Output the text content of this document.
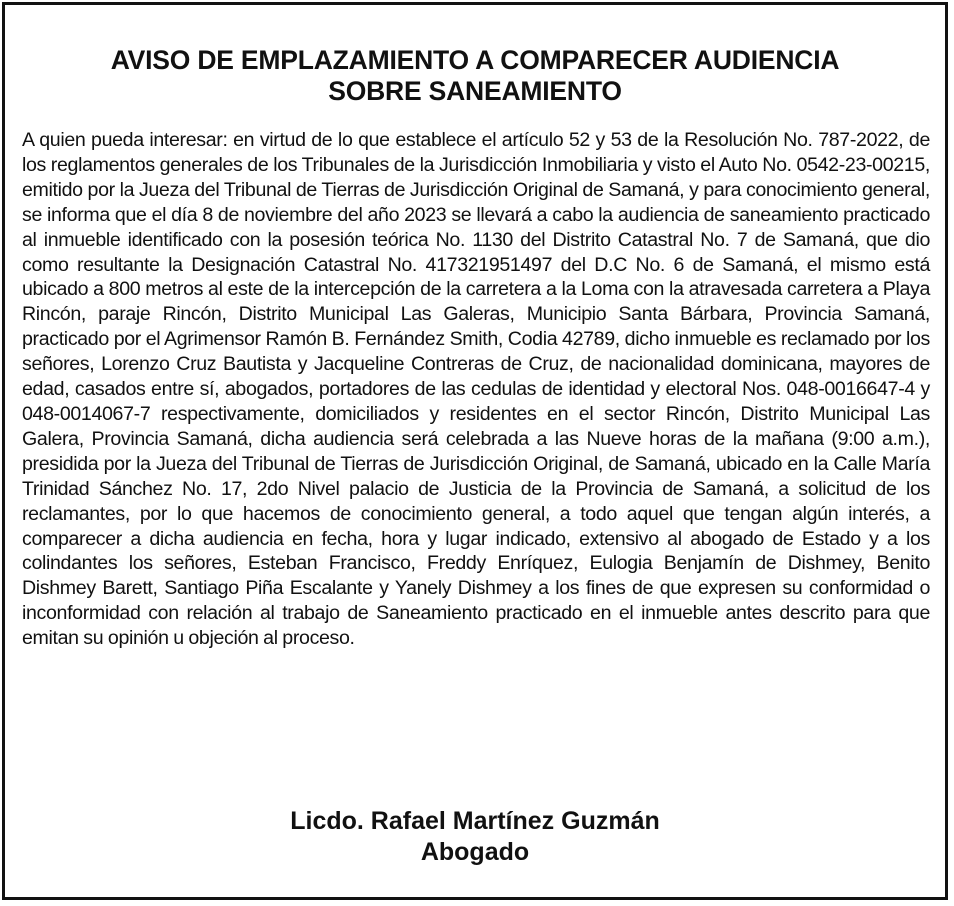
AVISO DE EMPLAZAMIENTO A COMPARECER AUDIENCIA
SOBRE SANEAMIENTO

A quien pueda interesar: en virtud de lo que establece el artículo 52 y 53 de la Resolución No. 787-2022, de los reglamentos generales de los Tribunales de la Jurisdicción Inmobiliaria y visto el Auto No. 0542-23-00215, emitido por la Jueza del Tribunal de Tierras de Jurisdicción Original de Samaná, y para conocimiento general, se informa que el día 8 de noviembre del año 2023 se llevará a cabo la audiencia de saneamiento practicado al inmueble identificado con la posesión teórica No. 1130 del Distrito Catastral No. 7 de Samaná, que dio como resultante la Designación Catastral No. 417321951497 del D.C No. 6 de Samaná, el mismo está ubicado a 800 metros al este de la intercepción de la carretera a la Loma con la atravesada carretera a Playa Rincón, paraje Rincón, Distrito Municipal Las Galeras, Municipio Santa Bárbara, Provincia Samaná, practicado por el Agrimensor Ramón B. Fernández Smith, Codia 42789, dicho inmueble es reclamado por los señores, Lorenzo Cruz Bautista y Jacqueline Contreras de Cruz, de nacionalidad dominicana, mayores de edad, casados entre sí, abogados, portadores de las cedulas de identidad y electoral Nos. 048-0016647-4 y 048-0014067-7 respectivamente, domiciliados y residentes en el sector Rincón, Distrito Municipal Las Galera, Provincia Samaná, dicha audiencia será celebrada a las Nueve horas de la mañana (9:00 a.m.), presidida por la Jueza del Tribunal de Tierras de Jurisdicción Original, de Samaná, ubicado en la Calle María Trinidad Sánchez No. 17, 2do Nivel palacio de Justicia de la Provincia de Samaná, a solicitud de los reclamantes, por lo que hacemos de conocimiento general, a todo aquel que tengan algún interés, a comparecer a dicha audiencia en fecha, hora y lugar indicado, extensivo al abogado de Estado y a los colindantes los señores, Esteban Francisco, Freddy Enríquez, Eulogia Benjamín de Dishmey, Benito Dishmey Barett, Santiago Piña Escalante y Yanely Dishmey a los fines de que expresen su conformidad o inconformidad con relación al trabajo de Saneamiento practicado en el inmueble antes descrito para que emitan su opinión u objeción al proceso.

Licdo. Rafael Martínez Guzmán
Abogado
